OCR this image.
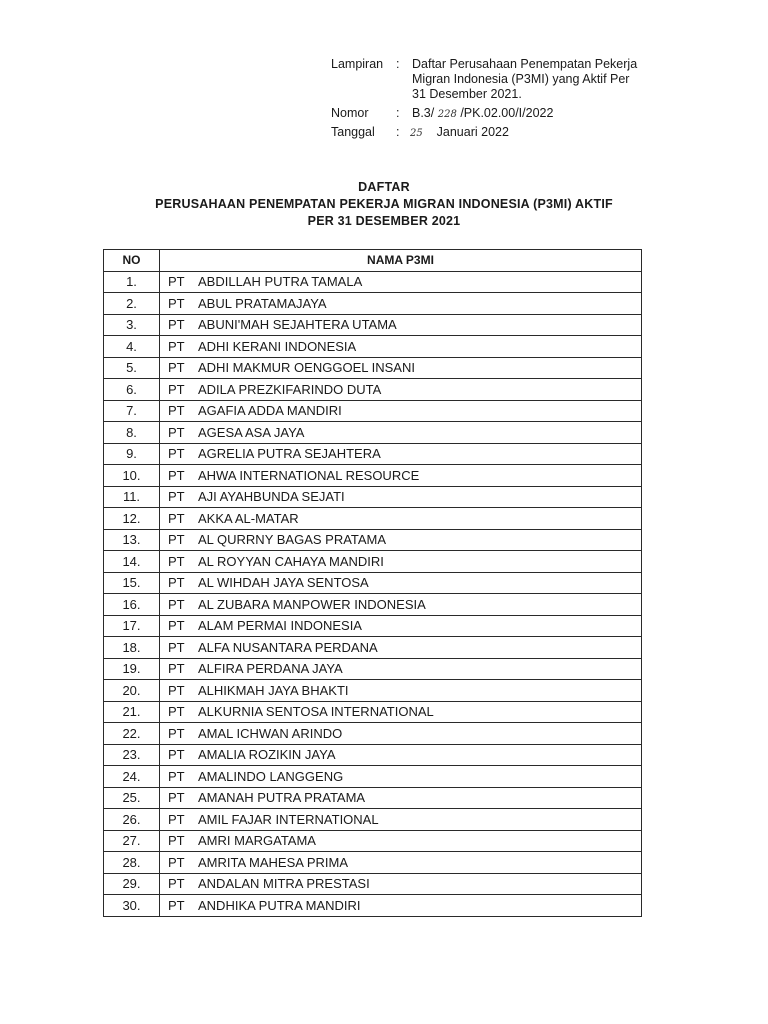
Lampiran : Daftar Perusahaan Penempatan Pekerja
Migran Indonesia (P3MI) yang Aktif Per
31 Desember 2021.
Nomor : B.3/ 228 /PK.02.00/I/2022
Tanggal : 25 Januari 2022
DAFTAR
PERUSAHAAN PENEMPATAN PEKERJA MIGRAN INDONESIA (P3MI) AKTIF
PER 31 DESEMBER 2021
NO	NAMA P3MI
1.	PT ABDILLAH PUTRA TAMALA
2.	PT ABUL PRATAMAJAYA
3.	PT ABUNI'MAH SEJAHTERA UTAMA
4.	PT ADHI KERANI INDONESIA
5.	PT ADHI MAKMUR OENGGOEL INSANI
6.	PT ADILA PREZKIFARINDO DUTA
7.	PT AGAFIA ADDA MANDIRI
8.	PT AGESA ASA JAYA
9.	PT AGRELIA PUTRA SEJAHTERA
10.	PT AHWA INTERNATIONAL RESOURCE
11.	PT AJI AYAHBUNDA SEJATI
12.	PT AKKA AL-MATAR
13.	PT AL QURRNY BAGAS PRATAMA
14.	PT AL ROYYAN CAHAYA MANDIRI
15.	PT AL WIHDAH JAYA SENTOSA
16.	PT AL ZUBARA MANPOWER INDONESIA
17.	PT ALAM PERMAI INDONESIA
18.	PT ALFA NUSANTARA PERDANA
19.	PT ALFIRA PERDANA JAYA
20.	PT ALHIKMAH JAYA BHAKTI
21.	PT ALKURNIA SENTOSA INTERNATIONAL
22.	PT AMAL ICHWAN ARINDO
23.	PT AMALIA ROZIKIN JAYA
24.	PT AMALINDO LANGGENG
25.	PT AMANAH PUTRA PRATAMA
26.	PT AMIL FAJAR INTERNATIONAL
27.	PT AMRI MARGATAMA
28.	PT AMRITA MAHESA PRIMA
29.	PT ANDALAN MITRA PRESTASI
30.	PT ANDHIKA PUTRA MANDIRI
